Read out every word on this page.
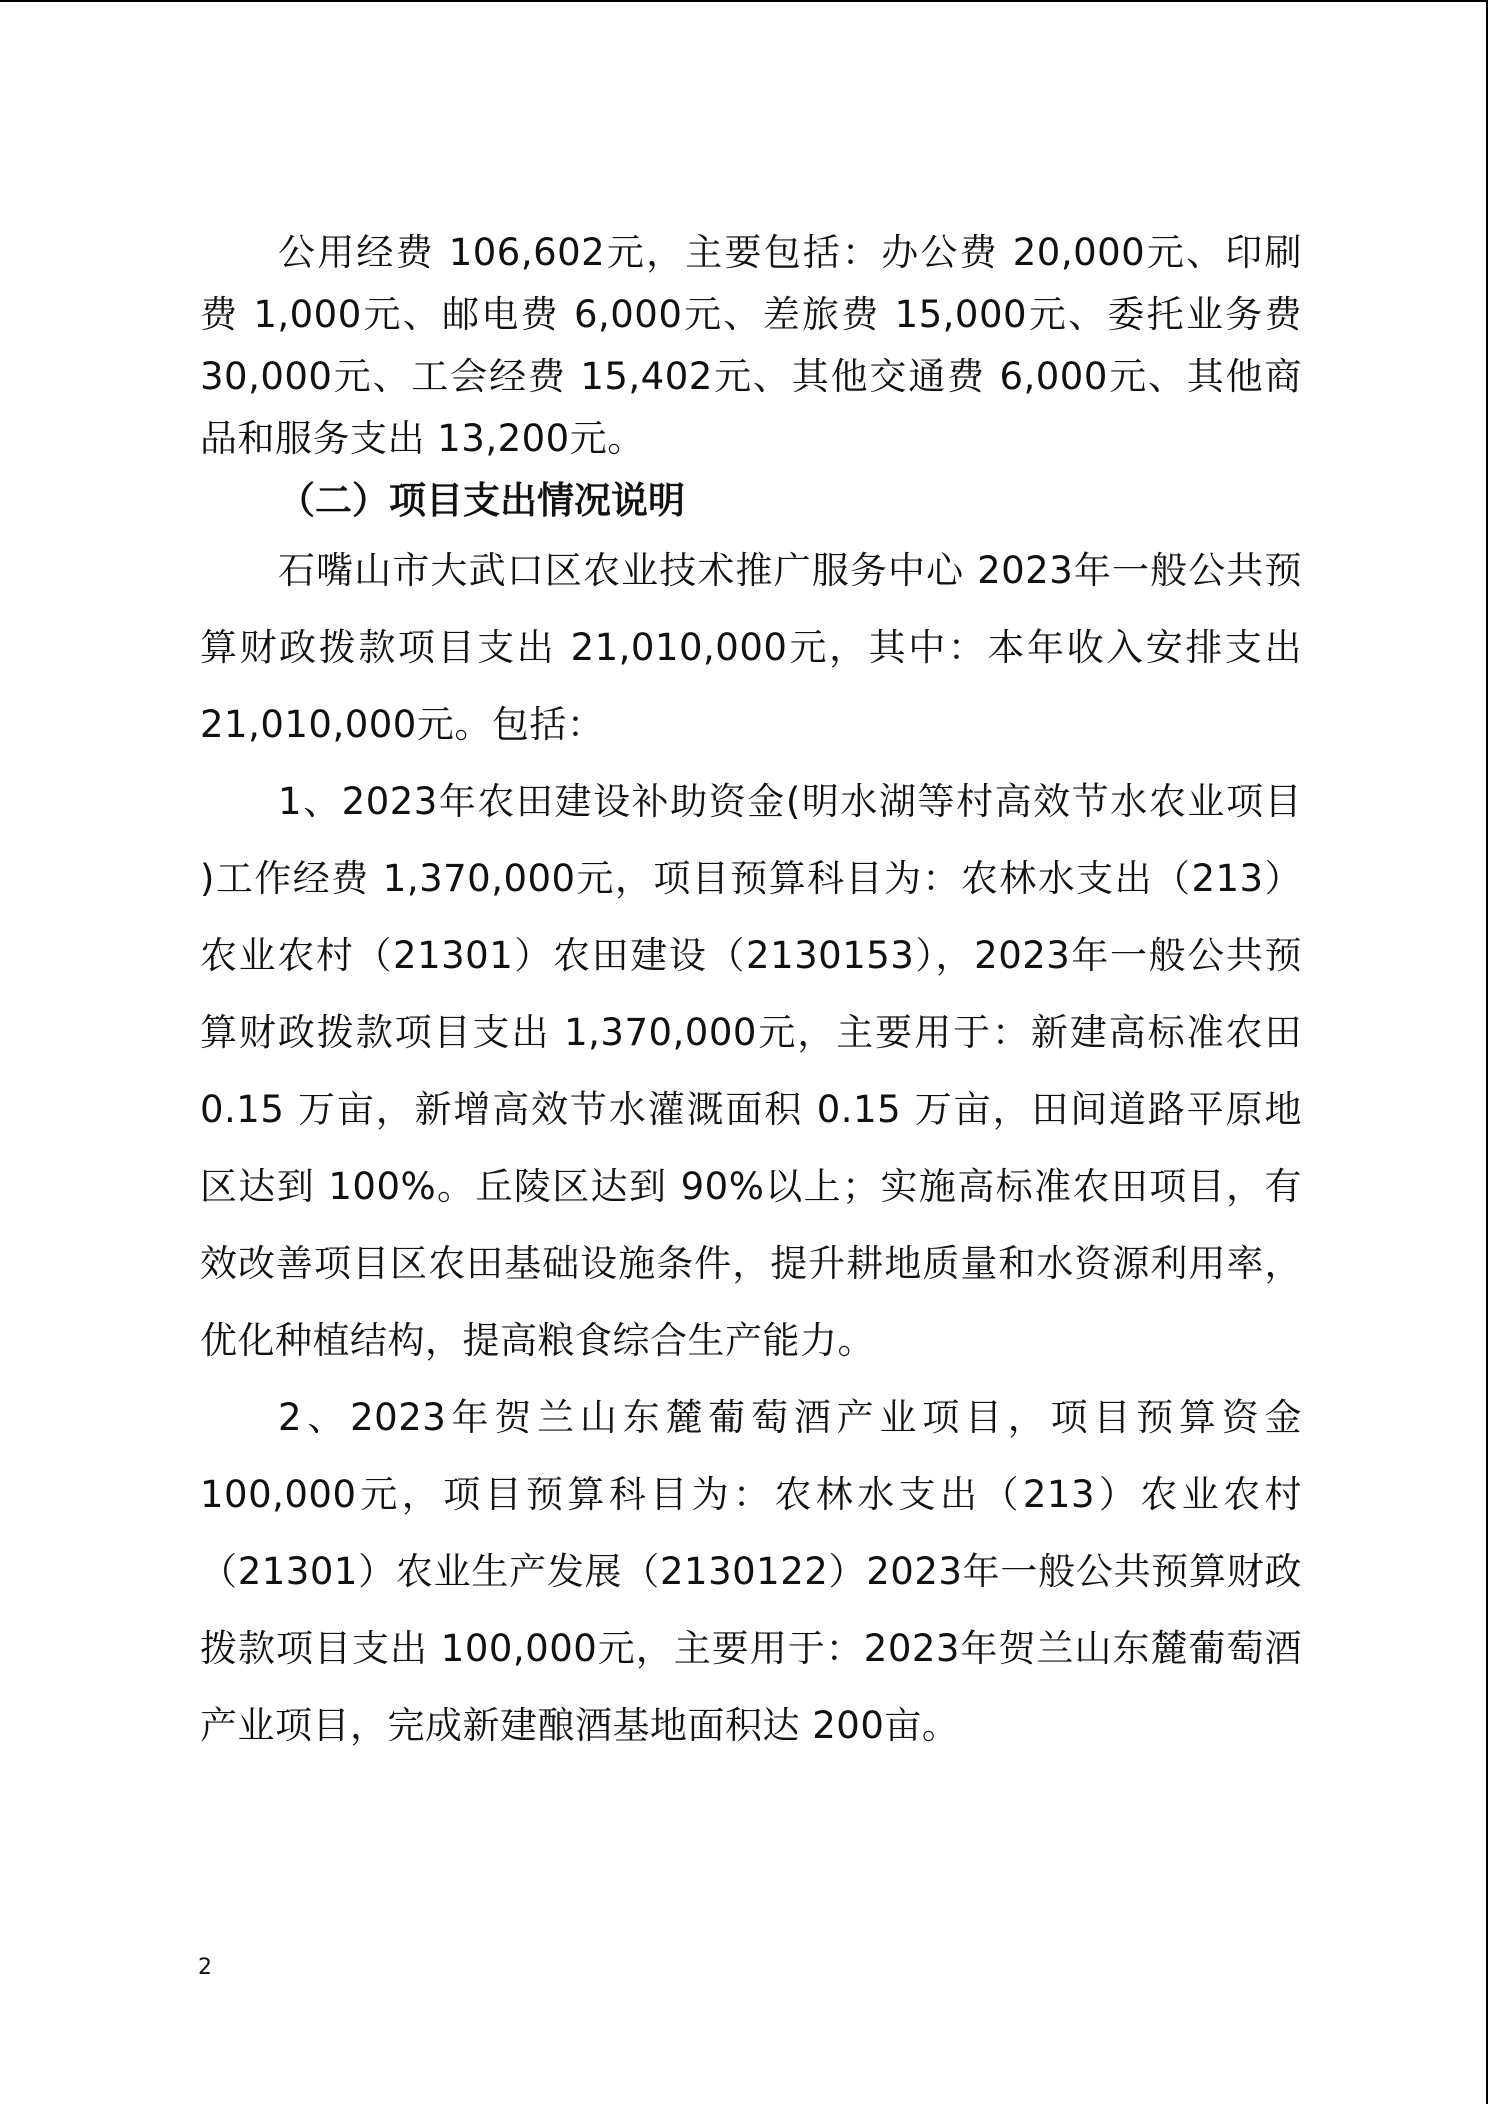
公用经费 106,602元，主要包括：办公费 20,000元、印刷费 1,000元、邮电费 6,000元、差旅费 15,000元、委托业务费 30,000元、工会经费 15,402元、其他交通费 6,000元、其他商品和服务支出 13,200元。

（二）项目支出情况说明

石嘴山市大武口区农业技术推广服务中心 2023年一般公共预算财政拨款项目支出 21,010,000元，其中：本年收入安排支出 21,010,000元。包括：

1、2023年农田建设补助资金(明水湖等村高效节水农业项目 )工作经费 1,370,000元，项目预算科目为：农林水支出（213）农业农村（21301）农田建设（2130153），2023年一般公共预算财政拨款项目支出 1,370,000元，主要用于：新建高标准农田 0.15 万亩，新增高效节水灌溉面积 0.15 万亩，田间道路平原地区达到 100%。丘陵区达到 90%以上；实施高标准农田项目，有效改善项目区农田基础设施条件，提升耕地质量和水资源利用率，优化种植结构，提高粮食综合生产能力。

2、2023年贺兰山东麓葡萄酒产业项目，项目预算资金 100,000元，项目预算科目为：农林水支出（213）农业农村（21301）农业生产发展（2130122）2023年一般公共预算财政拨款项目支出 100,000元，主要用于：2023年贺兰山东麓葡萄酒产业项目，完成新建酿酒基地面积达 200亩。

2
